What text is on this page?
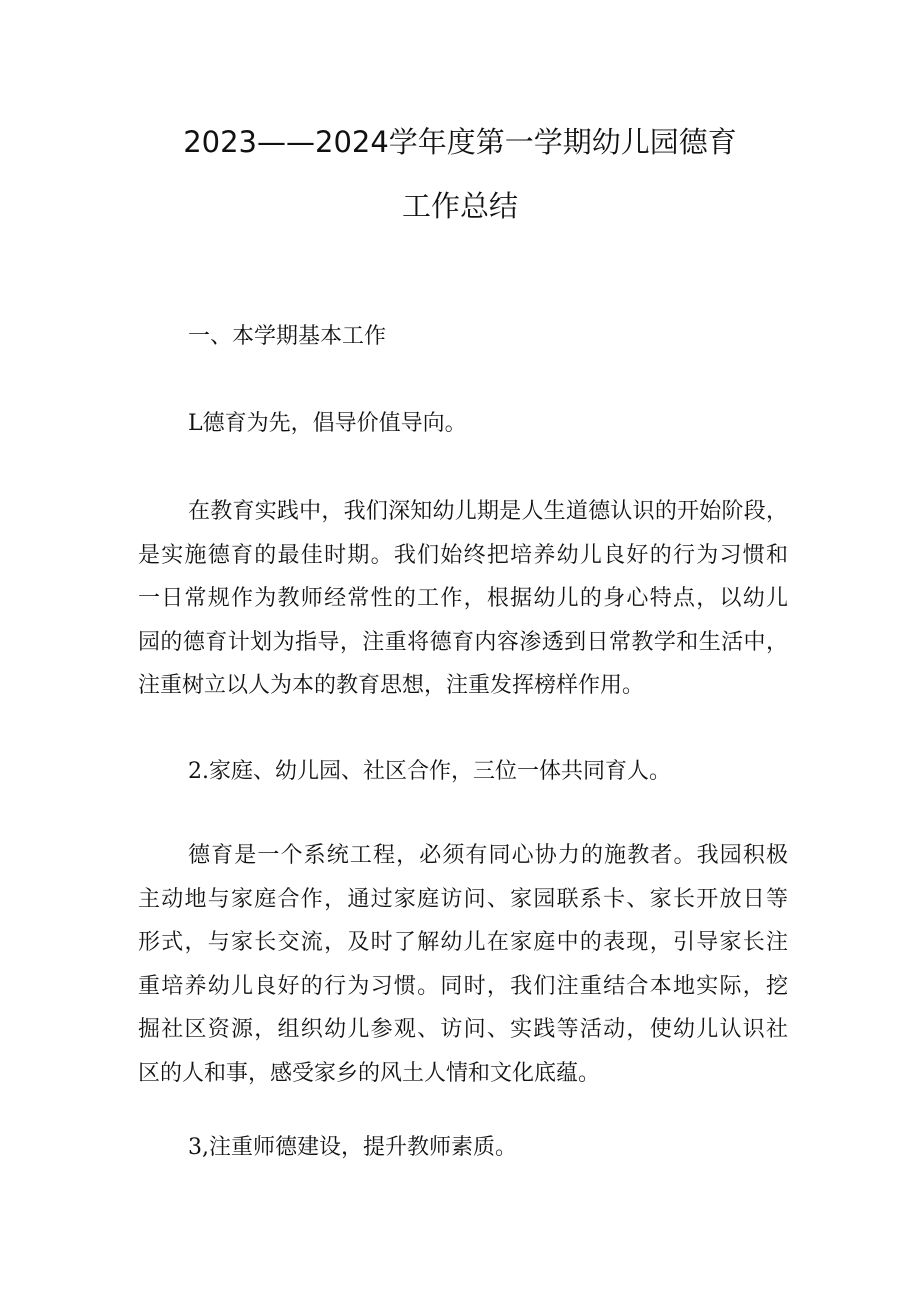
2023——2024学年度第一学期幼儿园德育
工作总结
一、本学期基本工作
L德育为先，倡导价值导向。
在教育实践中，我们深知幼儿期是人生道德认识的开始阶段，
是实施德育的最佳时期。我们始终把培养幼儿良好的行为习惯和
一日常规作为教师经常性的工作，根据幼儿的身心特点，以幼儿
园的德育计划为指导，注重将德育内容渗透到日常教学和生活中，
注重树立以人为本的教育思想，注重发挥榜样作用。
2.家庭、幼儿园、社区合作，三位一体共同育人。
德育是一个系统工程，必须有同心协力的施教者。我园积极
主动地与家庭合作，通过家庭访问、家园联系卡、家长开放日等
形式，与家长交流，及时了解幼儿在家庭中的表现，引导家长注
重培养幼儿良好的行为习惯。同时，我们注重结合本地实际，挖
掘社区资源，组织幼儿参观、访问、实践等活动，使幼儿认识社
区的人和事，感受家乡的风土人情和文化底蕴。
3,注重师德建设，提升教师素质。
